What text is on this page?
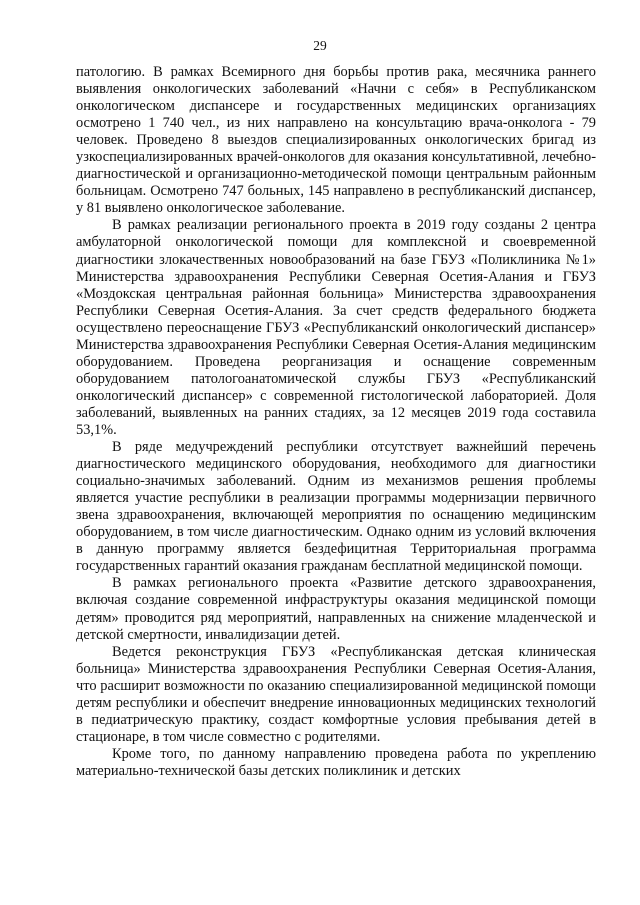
29

патологию. В рамках Всемирного дня борьбы против рака, месячника раннего выявления онкологических заболеваний «Начни с себя» в Республиканском онкологическом диспансере и государственных медицинских организациях осмотрено 1 740 чел., из них направлено на консультацию врача-онколога - 79 человек. Проведено 8 выездов специализированных онкологических бригад из узкоспециализированных врачей-онкологов для оказания консультативной, лечебно-диагностической и организационно-методической помощи центральным районным больницам. Осмотрено 747 больных, 145 направлено в республиканский диспансер, у 81 выявлено онкологическое заболевание.

В рамках реализации регионального проекта в 2019 году созданы 2 центра амбулаторной онкологической помощи для комплексной и своевременной диагностики злокачественных новообразований на базе ГБУЗ «Поликлиника №1» Министерства здравоохранения Республики Северная Осетия-Алания и ГБУЗ «Моздокская центральная районная больница» Министерства здравоохранения Республики Северная Осетия-Алания. За счет средств федерального бюджета осуществлено переоснащение ГБУЗ «Республиканский онкологический диспансер» Министерства здравоохранения Республики Северная Осетия-Алания медицинским оборудованием. Проведена реорганизация и оснащение современным оборудованием патологоанатомической службы ГБУЗ «Республиканский онкологический диспансер» с современной гистологической лабораторией. Доля заболеваний, выявленных на ранних стадиях, за 12 месяцев 2019 года составила 53,1%.

В ряде медучреждений республики отсутствует важнейший перечень диагностического медицинского оборудования, необходимого для диагностики социально-значимых заболеваний. Одним из механизмов решения проблемы является участие республики в реализации программы модернизации первичного звена здравоохранения, включающей мероприятия по оснащению медицинским оборудованием, в том числе диагностическим. Однако одним из условий включения в данную программу является бездефицитная Территориальная программа государственных гарантий оказания гражданам бесплатной медицинской помощи.

В рамках регионального проекта «Развитие детского здравоохранения, включая создание современной инфраструктуры оказания медицинской помощи детям» проводится ряд мероприятий, направленных на снижение младенческой и детской смертности, инвалидизации детей.

Ведется реконструкция ГБУЗ «Республиканская детская клиническая больница» Министерства здравоохранения Республики Северная Осетия-Алания, что расширит возможности по оказанию специализированной медицинской помощи детям республики и обеспечит внедрение инновационных медицинских технологий в педиатрическую практику, создаст комфортные условия пребывания детей в стационаре, в том числе совместно с родителями.

Кроме того, по данному направлению проведена работа по укреплению материально-технической базы детских поликлиник и детских
